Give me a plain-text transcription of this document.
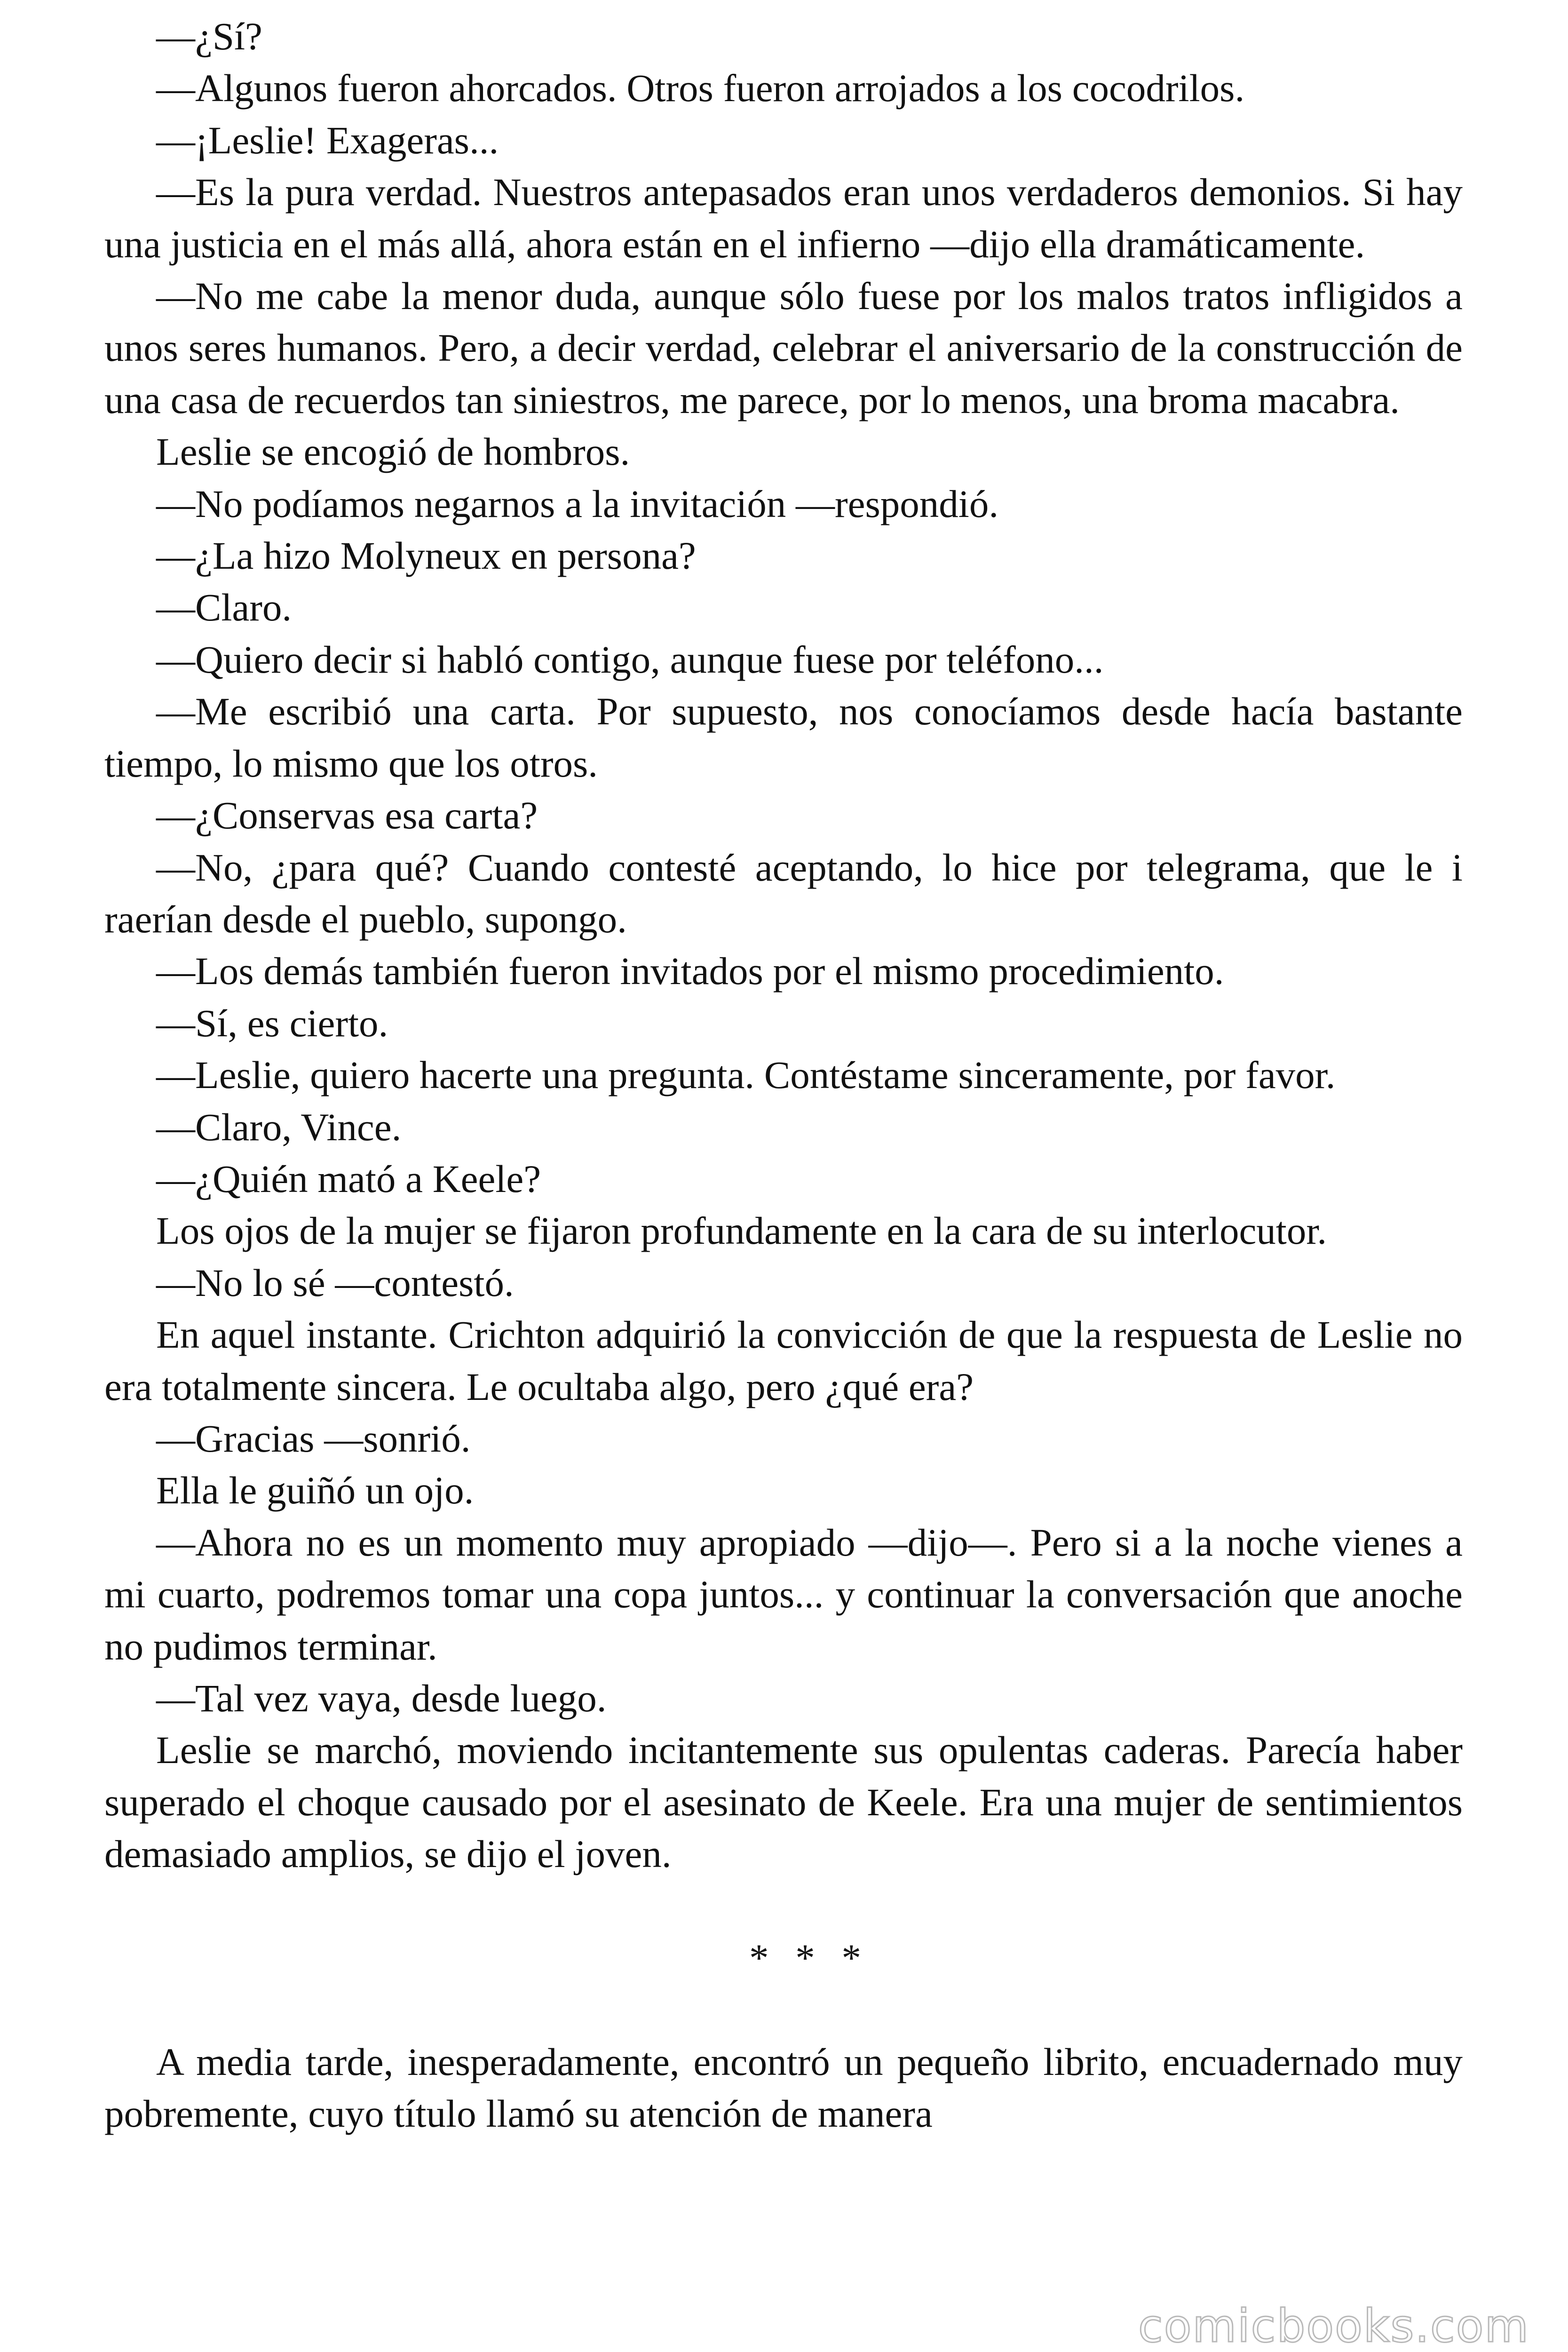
—¿Sí?

—Algunos fueron ahorcados. Otros fueron arrojados a los cocodrilos.

—¡Leslie! Exageras...

—Es la pura verdad. Nuestros antepasados eran unos verdaderos demonios. Si hay una justicia en el más allá, ahora están en el infierno —dijo ella dramáticamente.

—No me cabe la menor duda, aunque sólo fuese por los malos tratos infligidos a unos seres humanos. Pero, a decir verdad, celebrar el aniversario de la construcción de una casa de recuerdos tan siniestros, me parece, por lo menos, una broma macabra.

Leslie se encogió de hombros.

—No podíamos negarnos a la invitación —respondió.

—¿La hizo Molyneux en persona?

—Claro.

—Quiero decir si habló contigo, aunque fuese por teléfono...

—Me escribió una carta. Por supuesto, nos conocíamos desde hacía bastante tiempo, lo mismo que los otros.

—¿Conservas esa carta?

—No, ¿para qué? Cuando contesté aceptando, lo hice por telegrama, que le i raerían desde el pueblo, supongo.

—Los demás también fueron invitados por el mismo procedimiento.

—Sí, es cierto.

—Leslie, quiero hacerte una pregunta. Contéstame sinceramente, por favor.

—Claro, Vince.

—¿Quién mató a Keele?

Los ojos de la mujer se fijaron profundamente en la cara de su interlocutor.

—No lo sé —contestó.

En aquel instante. Crichton adquirió la convicción de que la respuesta de Leslie no era totalmente sincera. Le ocultaba algo, pero ¿qué era?

—Gracias —sonrió.

Ella le guiñó un ojo.

—Ahora no es un momento muy apropiado —dijo—. Pero si a la noche vienes a mi cuarto, podremos tomar una copa juntos... y continuar la conversación que anoche no pudimos terminar.

—Tal vez vaya, desde luego.

Leslie se marchó, moviendo incitantemente sus opulentas caderas. Parecía haber superado el choque causado por el asesinato de Keele. Era una mujer de sentimientos demasiado amplios, se dijo el joven.

* * *

A media tarde, inesperadamente, encontró un pequeño librito, encuadernado muy pobremente, cuyo título llamó su atención de manera

comicbooks.com
